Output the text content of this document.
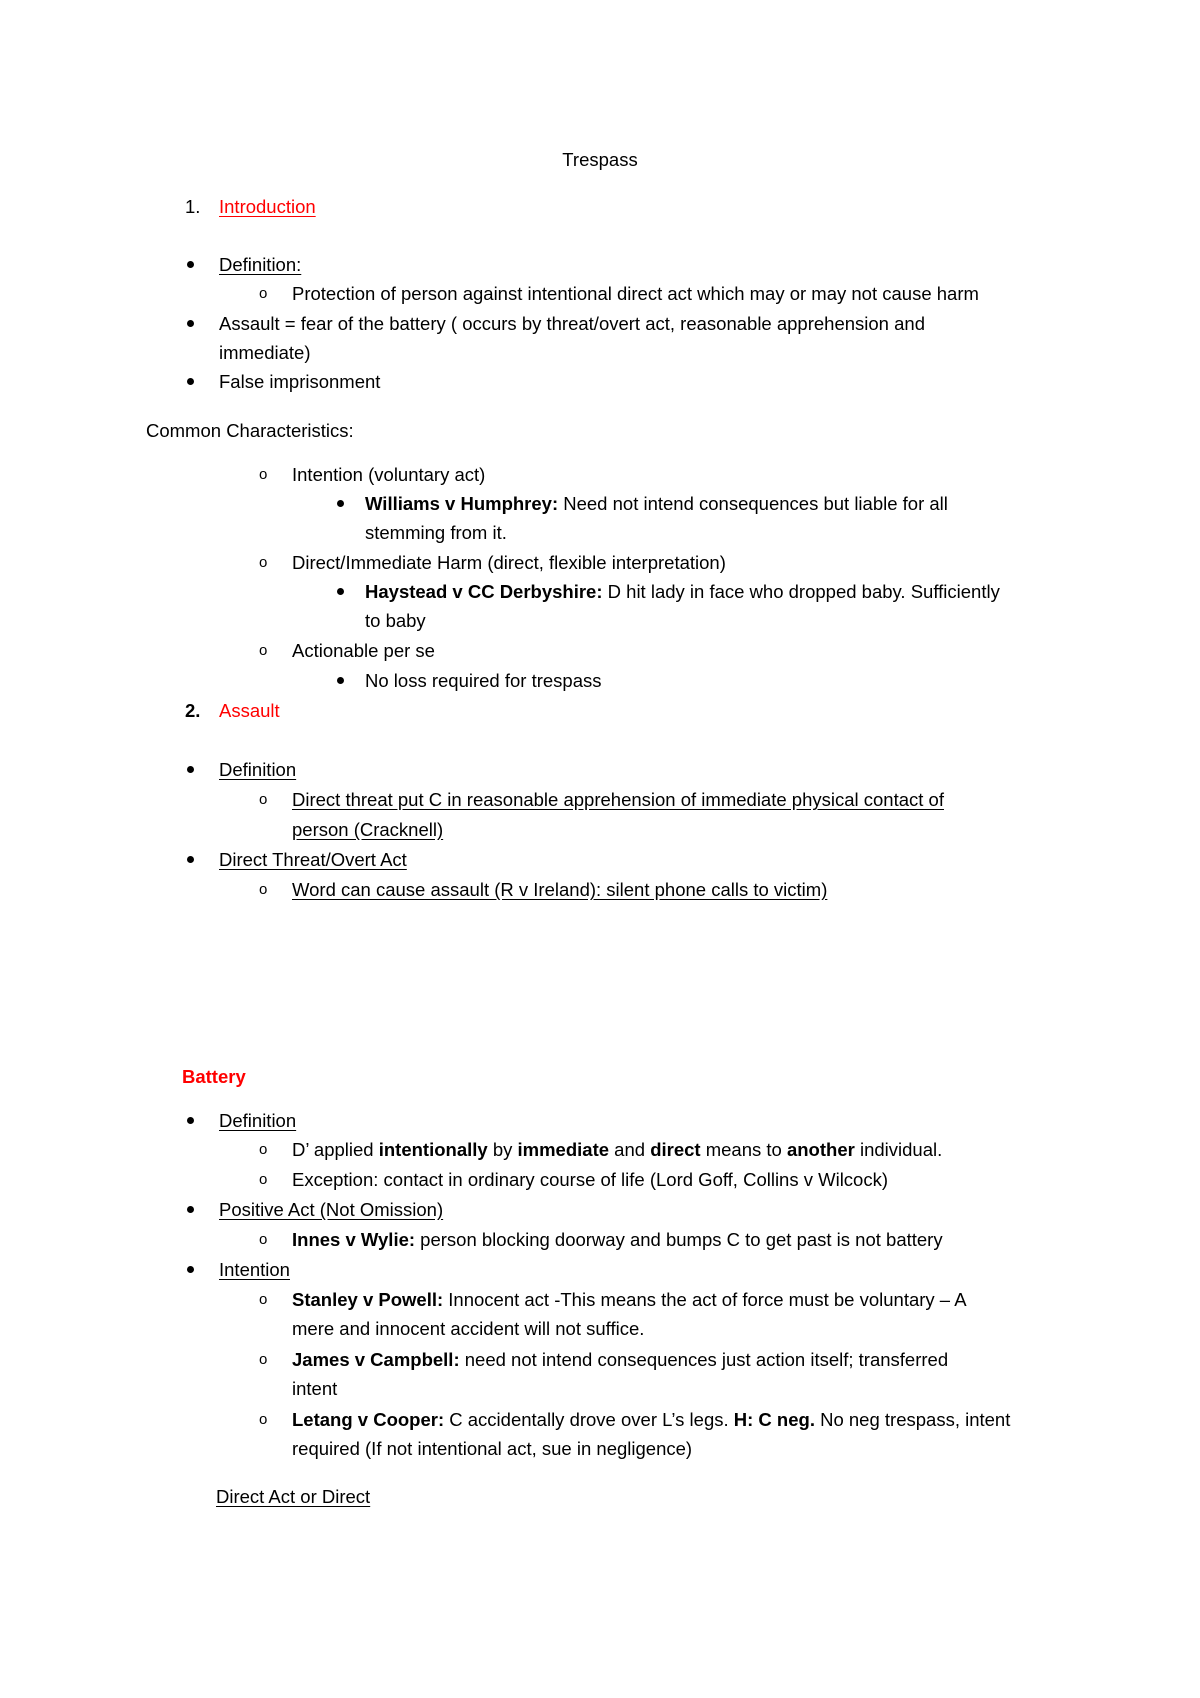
Trespass
1. Introduction
Definition:
o Protection of person against intentional direct act which may or may not cause harm
Assault = fear of the battery ( occurs by threat/overt act, reasonable apprehension and
immediate)
False imprisonment
Common Characteristics:
o Intention (voluntary act)
Williams v Humphrey: Need not intend consequences but liable for all
stemming from it.
o Direct/Immediate Harm (direct, flexible interpretation)
Haystead v CC Derbyshire: D hit lady in face who dropped baby. Sufficiently
to baby
o Actionable per se
No loss required for trespass
2. Assault
Definition
o Direct threat put C in reasonable apprehension of immediate physical contact of
person (Cracknell)
Direct Threat/Overt Act
o Word can cause assault (R v Ireland): silent phone calls to victim)
Battery
Definition
o D’ applied intentionally by immediate and direct means to another individual.
o Exception: contact in ordinary course of life (Lord Goff, Collins v Wilcock)
Positive Act (Not Omission)
o Innes v Wylie: person blocking doorway and bumps C to get past is not battery
Intention
o Stanley v Powell: Innocent act -This means the act of force must be voluntary – A
mere and innocent accident will not suffice.
o James v Campbell: need not intend consequences just action itself; transferred
intent
o Letang v Cooper: C accidentally drove over L’s legs. H: C neg. No neg trespass, intent
required (If not intentional act, sue in negligence)
Direct Act or Direct
